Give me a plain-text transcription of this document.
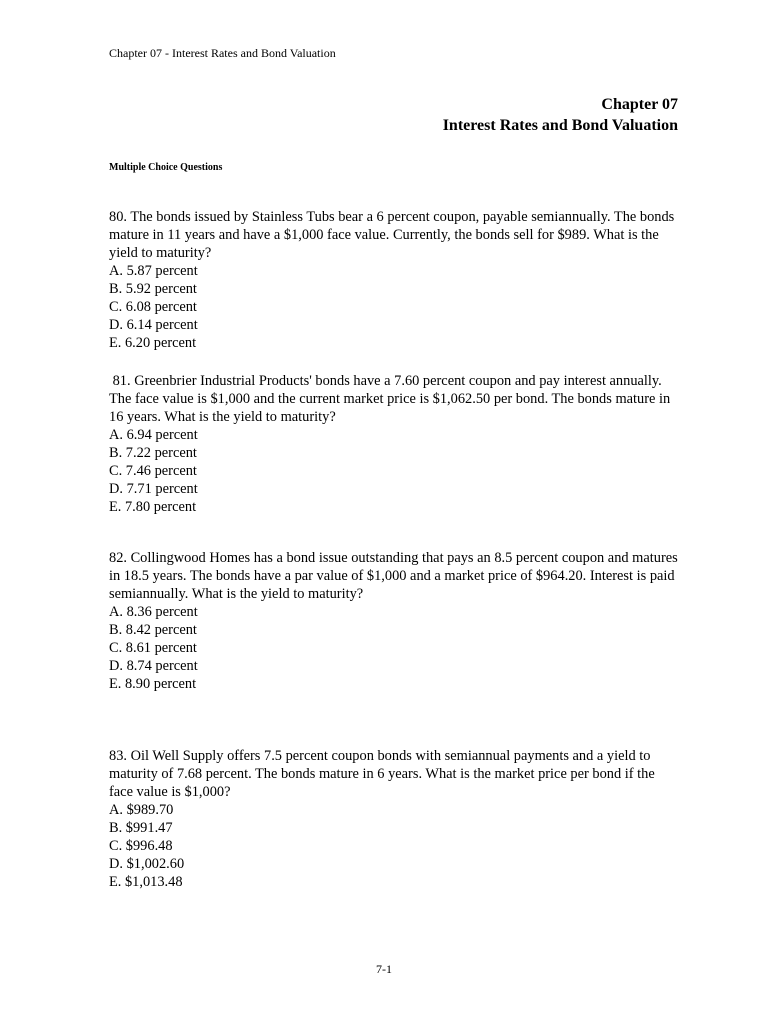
Chapter 07 - Interest Rates and Bond Valuation
Chapter 07
Interest Rates and Bond Valuation
Multiple Choice Questions

80. The bonds issued by Stainless Tubs bear a 6 percent coupon, payable semiannually. The bonds mature in 11 years and have a $1,000 face value. Currently, the bonds sell for $989. What is the yield to maturity?

A. 5.87 percent
B. 5.92 percent
C. 6.08 percent
D. 6.14 percent
E. 6.20 percent

81. Greenbrier Industrial Products' bonds have a 7.60 percent coupon and pay interest annually. The face value is $1,000 and the current market price is $1,062.50 per bond. The bonds mature in 16 years. What is the yield to maturity?

A. 6.94 percent
B. 7.22 percent
C. 7.46 percent
D. 7.71 percent
E. 7.80 percent

82. Collingwood Homes has a bond issue outstanding that pays an 8.5 percent coupon and matures in 18.5 years. The bonds have a par value of $1,000 and a market price of $964.20. Interest is paid semiannually. What is the yield to maturity?

A. 8.36 percent
B. 8.42 percent
C. 8.61 percent
D. 8.74 percent
E. 8.90 percent

83. Oil Well Supply offers 7.5 percent coupon bonds with semiannual payments and a yield to maturity of 7.68 percent. The bonds mature in 6 years. What is the market price per bond if the face value is $1,000?

A. $989.70
B. $991.47
C. $996.48
D. $1,002.60
E. $1,013.48
7-1
